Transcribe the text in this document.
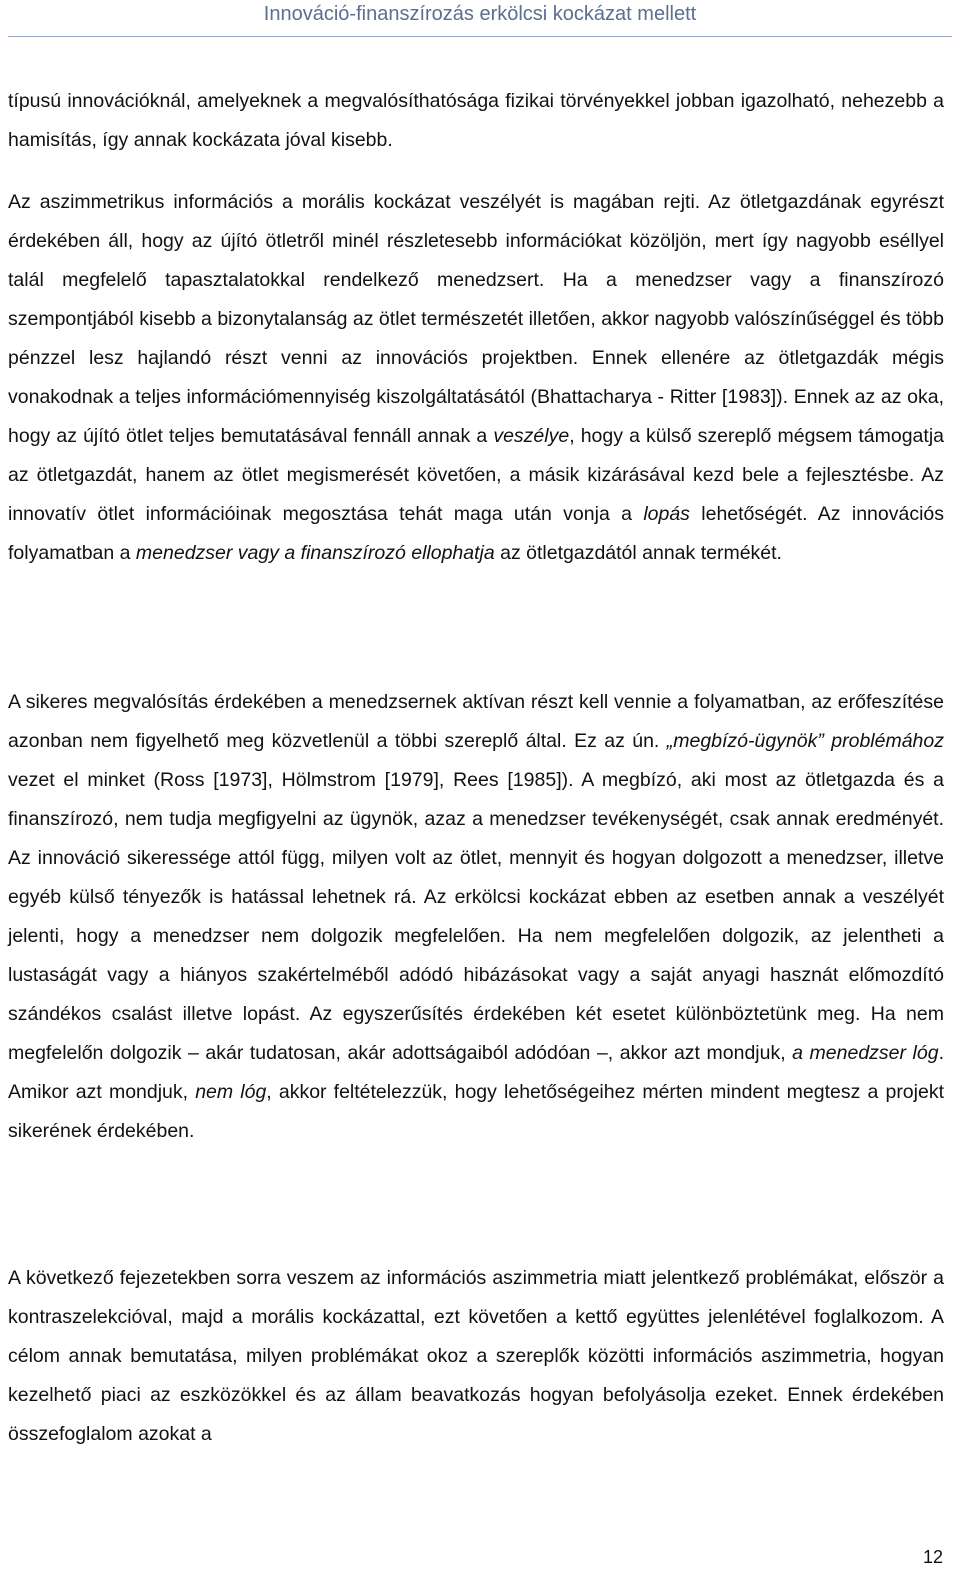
Innováció-finanszírozás erkölcsi kockázat mellett

típusú innovációknál, amelyeknek a megvalósíthatósága fizikai törvényekkel jobban igazolható, nehezebb a hamisítás, így annak kockázata jóval kisebb.

Az aszimmetrikus információs a morális kockázat veszélyét is magában rejti. Az ötletgazdának egyrészt érdekében áll, hogy az újító ötletről minél részletesebb információkat közöljön, mert így nagyobb eséllyel talál megfelelő tapasztalatokkal rendelkező menedzsert. Ha a menedzser vagy a finanszírozó szempontjából kisebb a bizonytalanság az ötlet természetét illetően, akkor nagyobb valószínűséggel és több pénzzel lesz hajlandó részt venni az innovációs projektben. Ennek ellenére az ötletgazdák mégis vonakodnak a teljes információmennyiség kiszolgáltatásától (Bhattacharya - Ritter [1983]). Ennek az az oka, hogy az újító ötlet teljes bemutatásával fennáll annak a veszélye, hogy a külső szereplő mégsem támogatja az ötletgazdát, hanem az ötlet megismerését követően, a másik kizárásával kezd bele a fejlesztésbe. Az innovatív ötlet információinak megosztása tehát maga után vonja a lopás lehetőségét. Az innovációs folyamatban a menedzser vagy a finanszírozó ellophatja az ötletgazdától annak termékét.

A sikeres megvalósítás érdekében a menedzsernek aktívan részt kell vennie a folyamatban, az erőfeszítése azonban nem figyelhető meg közvetlenül a többi szereplő által. Ez az ún. „megbízó-ügynök” problémához vezet el minket (Ross [1973], Hölmstrom [1979], Rees [1985]). A megbízó, aki most az ötletgazda és a finanszírozó, nem tudja megfigyelni az ügynök, azaz a menedzser tevékenységét, csak annak eredményét. Az innováció sikeressége attól függ, milyen volt az ötlet, mennyit és hogyan dolgozott a menedzser, illetve egyéb külső tényezők is hatással lehetnek rá. Az erkölcsi kockázat ebben az esetben annak a veszélyét jelenti, hogy a menedzser nem dolgozik megfelelően. Ha nem megfelelően dolgozik, az jelentheti a lustaságát vagy a hiányos szakértelméből adódó hibázásokat vagy a saját anyagi hasznát előmozdító szándékos csalást illetve lopást. Az egyszerűsítés érdekében két esetet különböztetünk meg. Ha nem megfelelőn dolgozik – akár tudatosan, akár adottságaiból adódóan –, akkor azt mondjuk, a menedzser lóg. Amikor azt mondjuk, nem lóg, akkor feltételezzük, hogy lehetőségeihez mérten mindent megtesz a projekt sikerének érdekében.

A következő fejezetekben sorra veszem az információs aszimmetria miatt jelentkező problémákat, először a kontraszelekcióval, majd a morális kockázattal, ezt követően a kettő együttes jelenlétével foglalkozom. A célom annak bemutatása, milyen problémákat okoz a szereplők közötti információs aszimmetria, hogyan kezelhető piaci az eszközökkel és az állam beavatkozás hogyan befolyásolja ezeket. Ennek érdekében összefoglalom azokat a

12
